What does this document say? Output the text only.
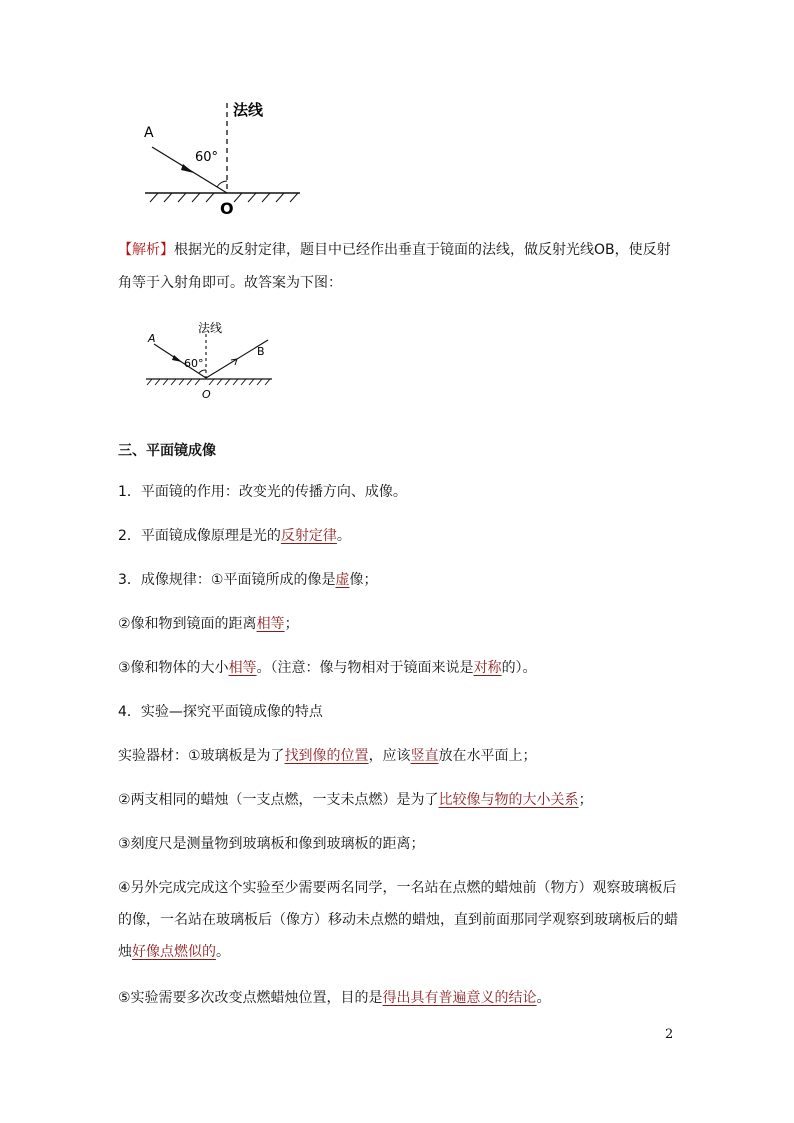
法线
A
60°
O
【解析】根据光的反射定律，题目中已经作出垂直于镜面的法线，做反射光线OB，使反射
角等于入射角即可。故答案为下图：
法线
A
60°
B
O
三、平面镜成像
1．平面镜的作用：改变光的传播方向、成像。
2．平面镜成像原理是光的反射定律。
3．成像规律：①平面镜所成的像是虚像；
②像和物到镜面的距离相等；
③像和物体的大小相等。（注意：像与物相对于镜面来说是对称的）。
4．实验—探究平面镜成像的特点
实验器材：①玻璃板是为了找到像的位置，应该竖直放在水平面上；
②两支相同的蜡烛（一支点燃，一支未点燃）是为了比较像与物的大小关系；
③刻度尺是测量物到玻璃板和像到玻璃板的距离；
④另外完成完成这个实验至少需要两名同学，一名站在点燃的蜡烛前（物方）观察玻璃板后
的像，一名站在玻璃板后（像方）移动未点燃的蜡烛，直到前面那同学观察到玻璃板后的蜡
烛好像点燃似的。
⑤实验需要多次改变点燃蜡烛位置，目的是得出具有普遍意义的结论。
2
